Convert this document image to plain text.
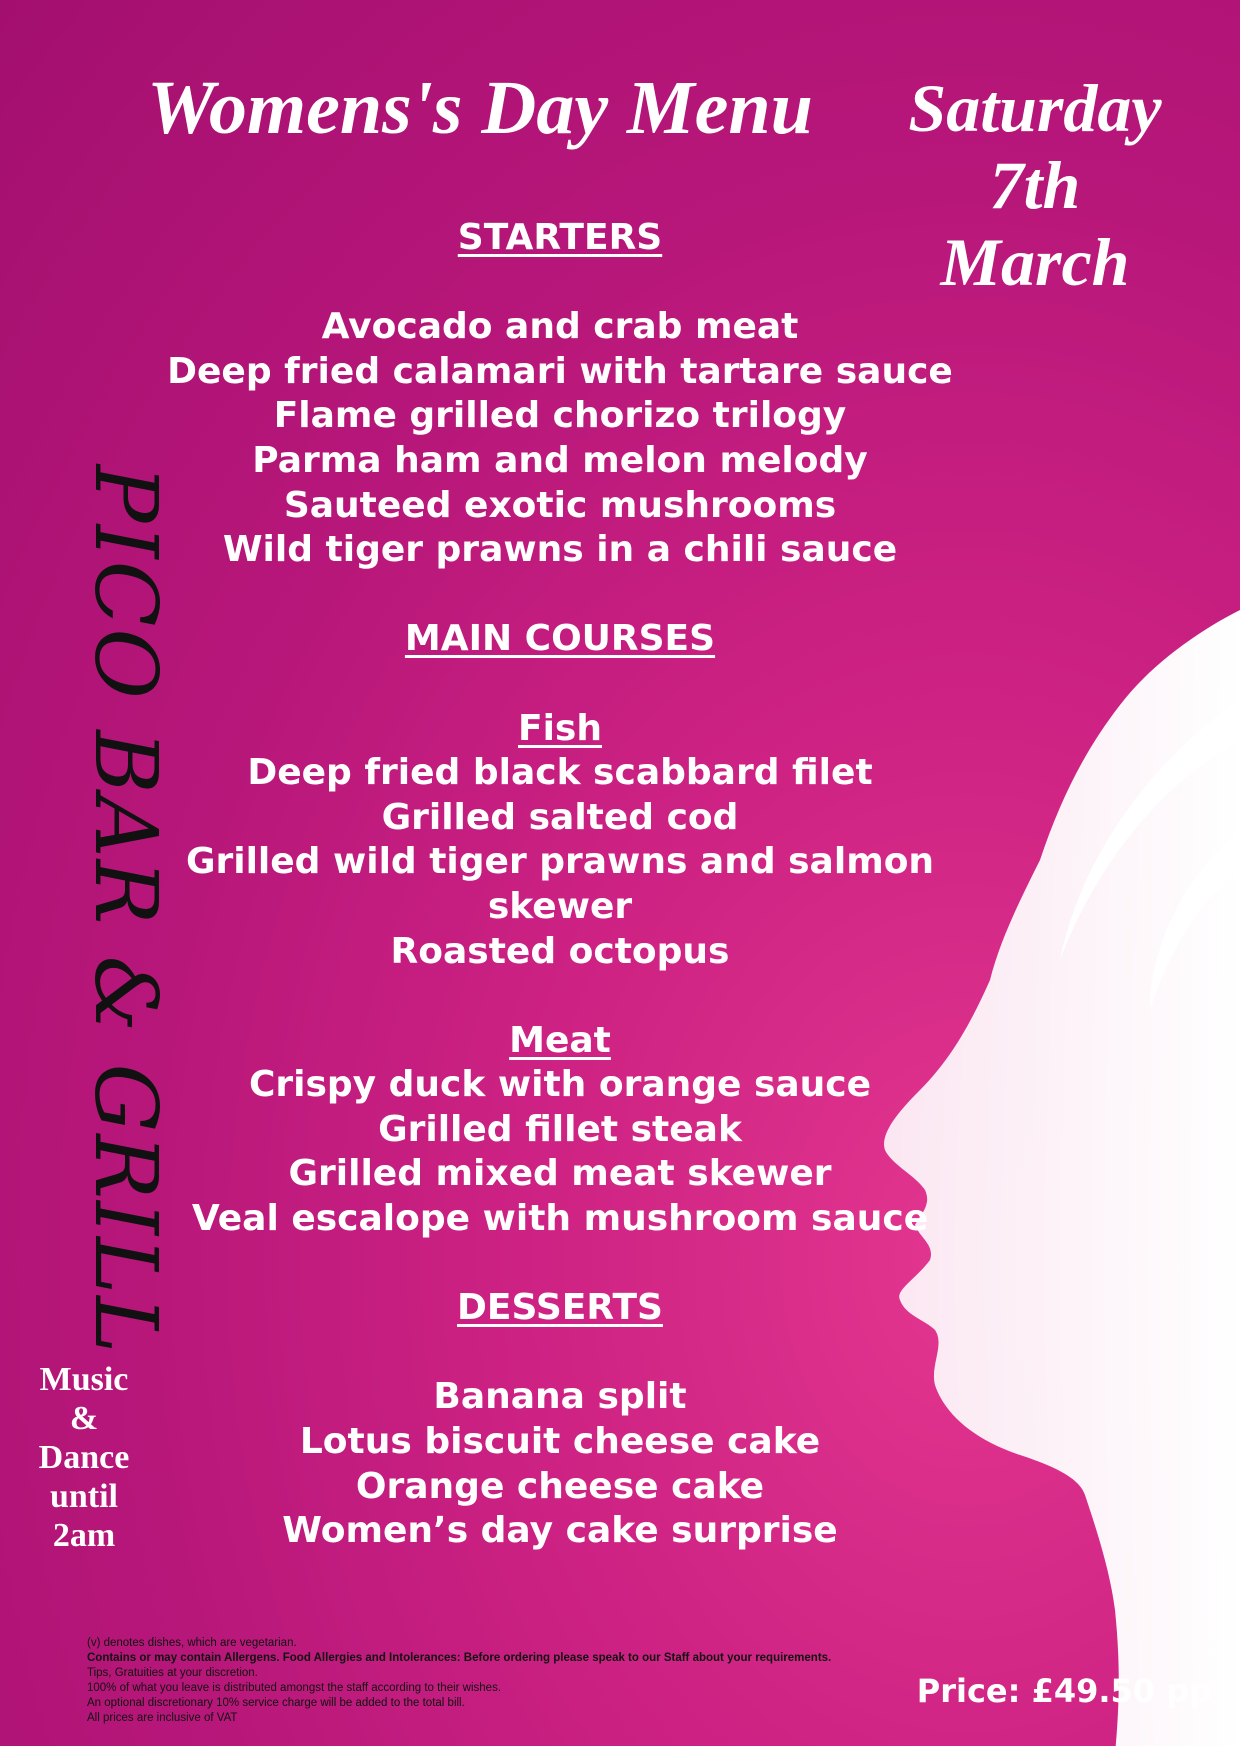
Womens's Day Menu	Saturday
7th
March
PICO BAR & GRILL
STARTERS
Avocado and crab meat
Deep fried calamari with tartare sauce
Flame grilled chorizo trilogy
Parma ham and melon melody
Sauteed exotic mushrooms
Wild tiger prawns in a chili sauce
MAIN COURSES
Fish
Deep fried black scabbard filet
Grilled salted cod
Grilled wild tiger prawns and salmon
skewer
Roasted octopus
Meat
Crispy duck with orange sauce
Grilled fillet steak
Grilled mixed meat skewer
Veal escalope with mushroom sauce
DESSERTS
Banana split
Lotus biscuit cheese cake
Orange cheese cake
Women’s day cake surprise
Music
&
Dance
until
2am
(v) denotes dishes, which are vegetarian.
Contains or may contain Allergens. Food Allergies and Intolerances: Before ordering please speak to our Staff about your requirements.
Tips, Gratuities at your discretion.
100% of what you leave is distributed amongst the staff according to their wishes.
An optional discretionary 10% service charge will be added to the total bill.
All prices are inclusive of VAT
Price: £49.50 pp
